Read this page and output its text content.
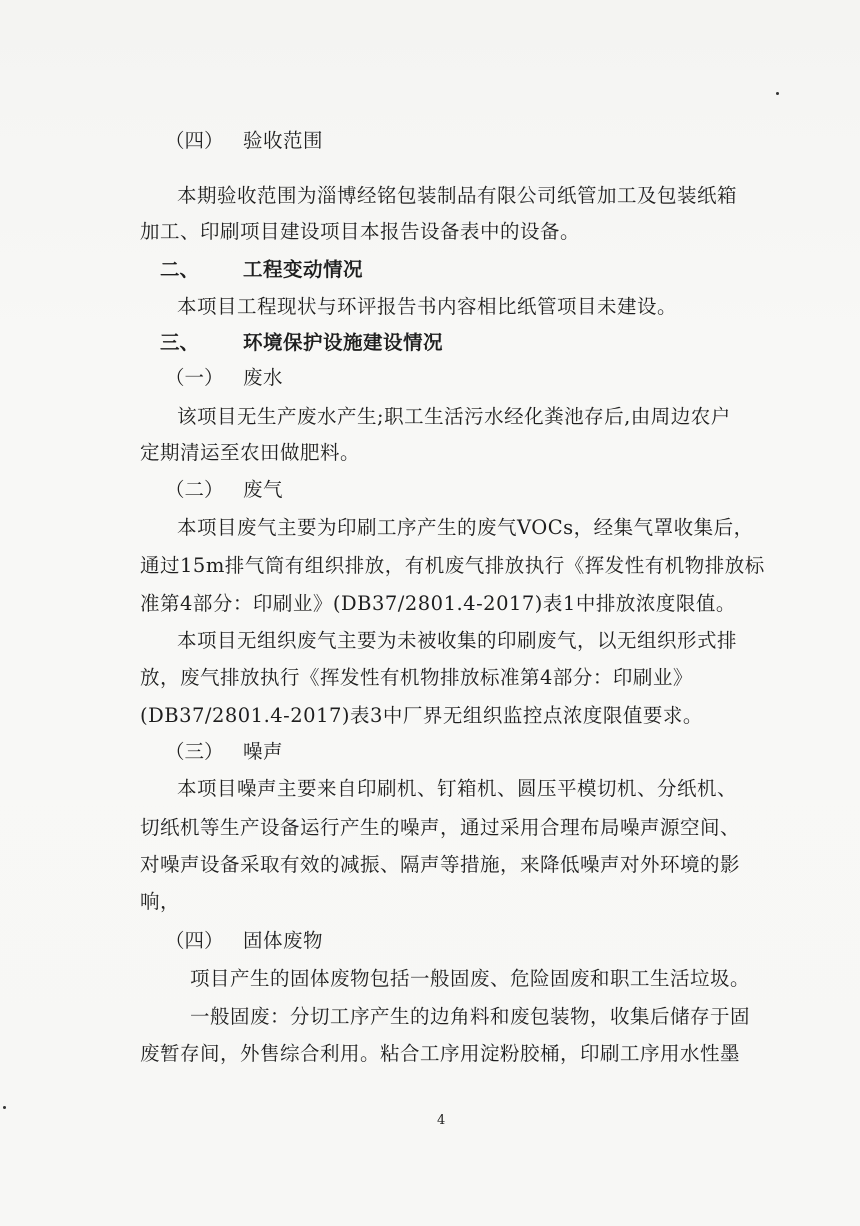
（四） 验收范围
本期验收范围为淄博经铭包装制品有限公司纸管加工及包装纸箱
加工、印刷项目建设项目本报告设备表中的设备。
二、 工程变动情况
本项目工程现状与环评报告书内容相比纸管项目未建设。
三、 环境保护设施建设情况
（一） 废水
该项目无生产废水产生;职工生活污水经化粪池存后,由周边农户
定期清运至农田做肥料。
（二） 废气
本项目废气主要为印刷工序产生的废气VOCs，经集气罩收集后，
通过15m排气筒有组织排放，有机废气排放执行《挥发性有机物排放标
准第4部分：印刷业》(DB37/2801.4-2017)表1中排放浓度限值。
本项目无组织废气主要为未被收集的印刷废气，以无组织形式排
放，废气排放执行《挥发性有机物排放标准第4部分：印刷业》
(DB37/2801.4-2017)表3中厂界无组织监控点浓度限值要求。
（三） 噪声
本项目噪声主要来自印刷机、钉箱机、圆压平模切机、分纸机、
切纸机等生产设备运行产生的噪声，通过采用合理布局噪声源空间、
对噪声设备采取有效的减振、隔声等措施，来降低噪声对外环境的影
响，
（四） 固体废物
项目产生的固体废物包括一般固废、危险固废和职工生活垃圾。
一般固废：分切工序产生的边角料和废包装物，收集后储存于固
废暂存间，外售综合利用。粘合工序用淀粉胶桶，印刷工序用水性墨
4
